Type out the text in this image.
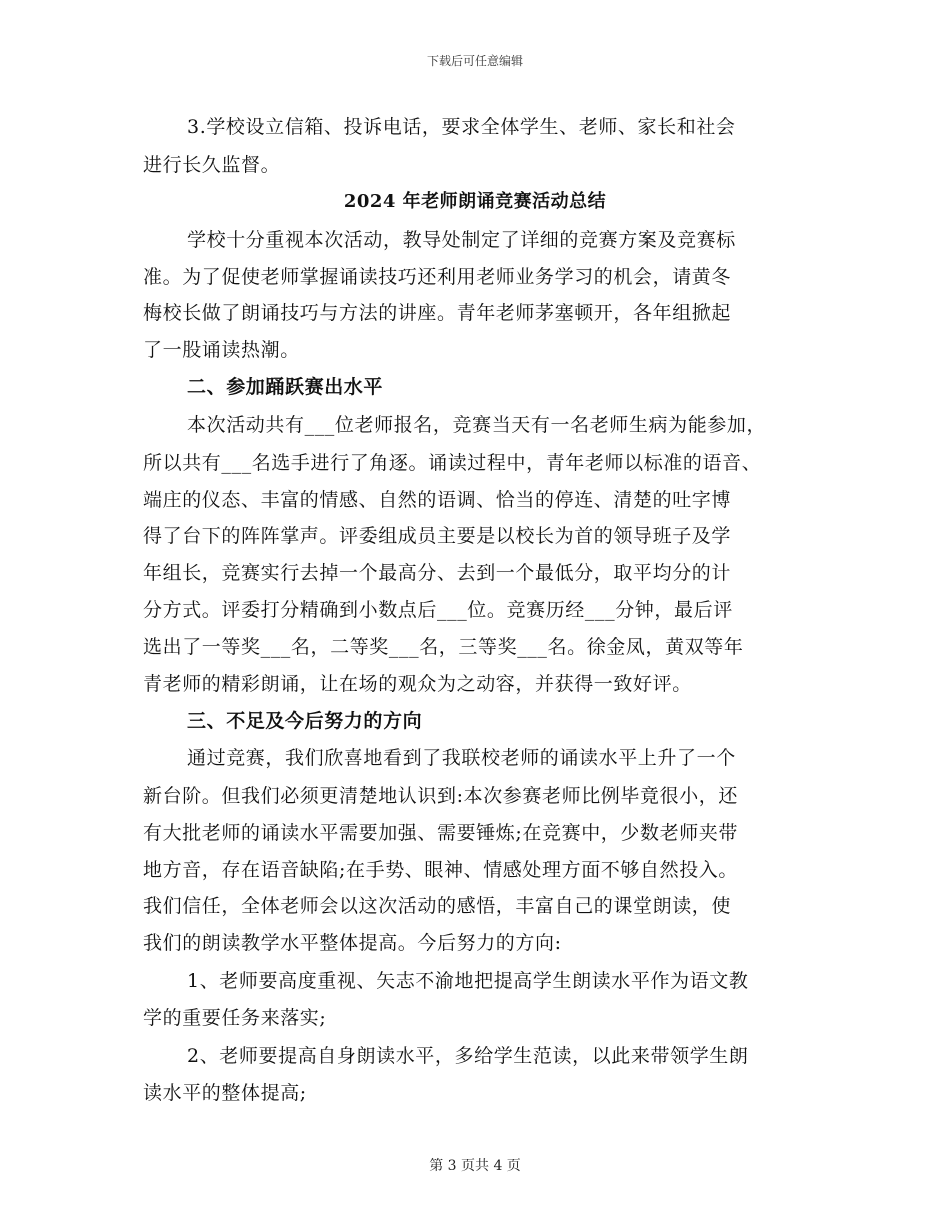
下载后可任意编辑
3.学校设立信箱、投诉电话，要求全体学生、老师、家长和社会
进行长久监督。
2024 年老师朗诵竞赛活动总结
学校十分重视本次活动，教导处制定了详细的竞赛方案及竞赛标
准。为了促使老师掌握诵读技巧还利用老师业务学习的机会，请黄冬
梅校长做了朗诵技巧与方法的讲座。青年老师茅塞顿开，各年组掀起
了一股诵读热潮。
二、参加踊跃赛出水平
本次活动共有___位老师报名，竞赛当天有一名老师生病为能参加，
所以共有___名选手进行了角逐。诵读过程中，青年老师以标准的语音、
端庄的仪态、丰富的情感、自然的语调、恰当的停连、清楚的吐字博
得了台下的阵阵掌声。评委组成员主要是以校长为首的领导班子及学
年组长，竞赛实行去掉一个最高分、去到一个最低分，取平均分的计
分方式。评委打分精确到小数点后___位。竞赛历经___分钟，最后评
选出了一等奖___名，二等奖___名，三等奖___名。徐金凤，黄双等年
青老师的精彩朗诵，让在场的观众为之动容，并获得一致好评。
三、不足及今后努力的方向
通过竞赛，我们欣喜地看到了我联校老师的诵读水平上升了一个
新台阶。但我们必须更清楚地认识到:本次参赛老师比例毕竟很小，还
有大批老师的诵读水平需要加强、需要锤炼;在竞赛中，少数老师夹带
地方音，存在语音缺陷;在手势、眼神、情感处理方面不够自然投入。
我们信任，全体老师会以这次活动的感悟，丰富自己的课堂朗读，使
我们的朗读教学水平整体提高。今后努力的方向:
1、老师要高度重视、矢志不渝地把提高学生朗读水平作为语文教
学的重要任务来落实;
2、老师要提高自身朗读水平，多给学生范读，以此来带领学生朗
读水平的整体提高;
第 3 页共 4 页
